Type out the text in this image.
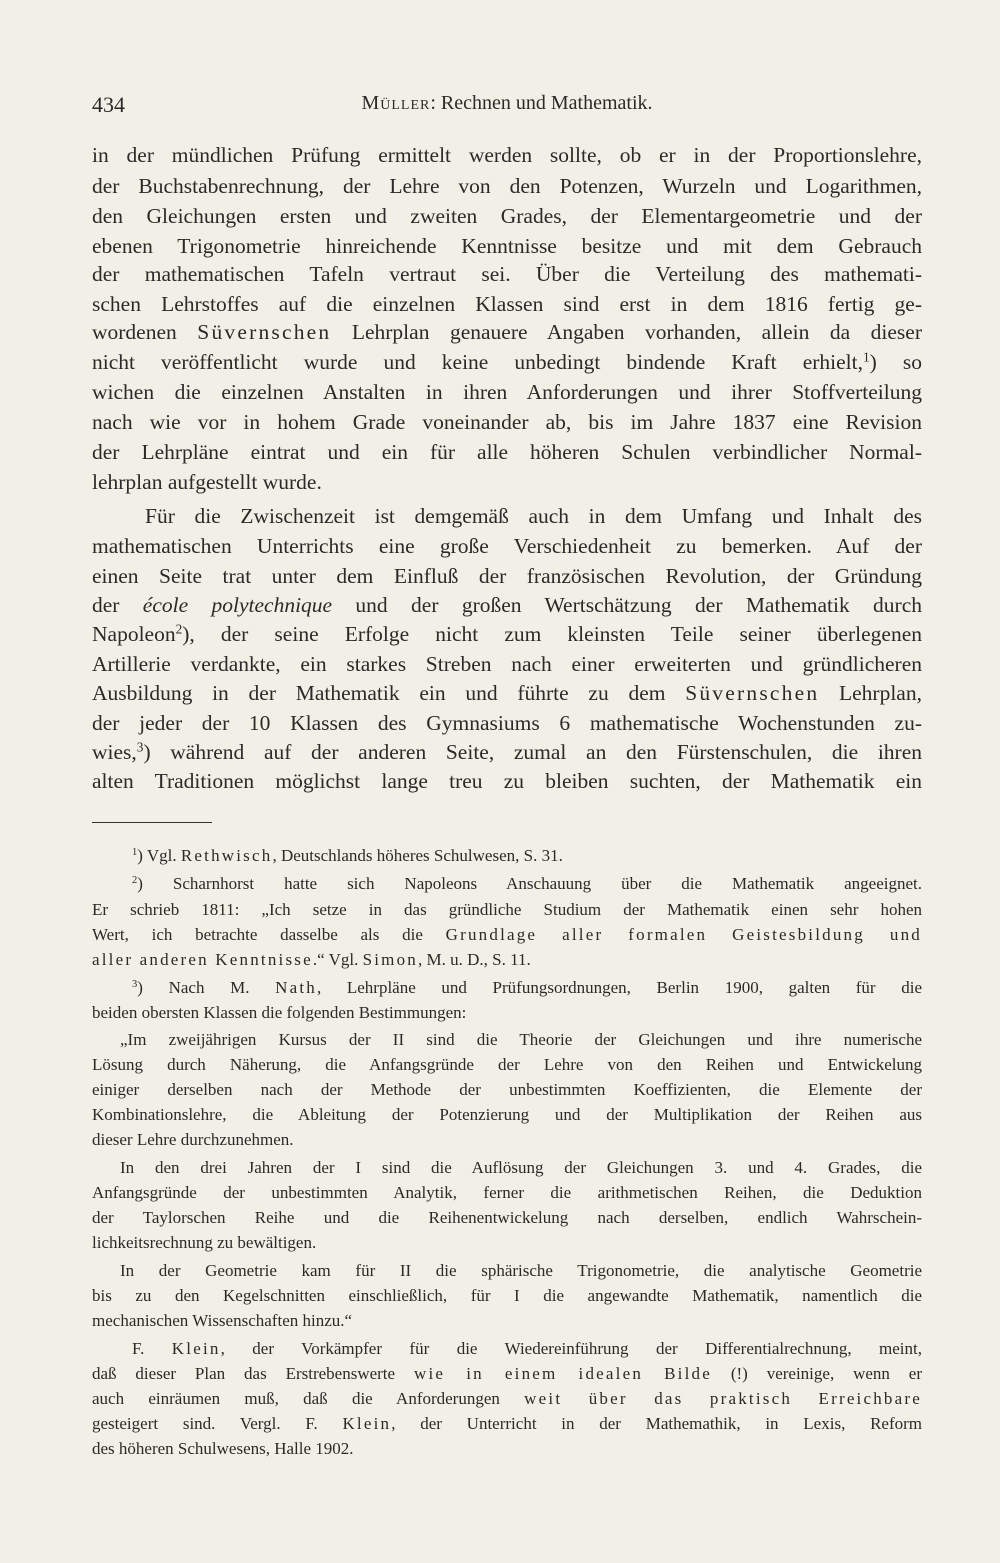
434	Müller: Rechnen und Mathematik.

in der mündlichen Prüfung ermittelt werden sollte, ob er in der Proportionslehre,

der Buchstabenrechnung, der Lehre von den Potenzen, Wurzeln und Logarithmen,

den Gleichungen ersten und zweiten Grades, der Elementargeometrie und der

ebenen Trigonometrie hinreichende Kenntnisse besitze und mit dem Gebrauch

der mathematischen Tafeln vertraut sei. Über die Verteilung des mathemati-

schen Lehrstoffes auf die einzelnen Klassen sind erst in dem 1816 fertig ge-

wordenen Süvernschen Lehrplan genauere Angaben vorhanden, allein da dieser

nicht veröffentlicht wurde und keine unbedingt bindende Kraft erhielt,$^1$) so

wichen die einzelnen Anstalten in ihren Anforderungen und ihrer Stoffverteilung

nach wie vor in hohem Grade voneinander ab, bis im Jahre 1837 eine Revision

der Lehrpläne eintrat und ein für alle höheren Schulen verbindlicher Normal-

lehrplan aufgestellt wurde.

Für die Zwischenzeit ist demgemäß auch in dem Umfang und Inhalt des

mathematischen Unterrichts eine große Verschiedenheit zu bemerken. Auf der

einen Seite trat unter dem Einfluß der französischen Revolution, der Gründung

der école polytechnique und der großen Wertschätzung der Mathematik durch

Napoleon$^2$), der seine Erfolge nicht zum kleinsten Teile seiner überlegenen

Artillerie verdankte, ein starkes Streben nach einer erweiterten und gründlicheren

Ausbildung in der Mathematik ein und führte zu dem Süvernschen Lehrplan,

der jeder der 10 Klassen des Gymnasiums 6 mathematische Wochenstunden zu-

wies,$^3$) während auf der anderen Seite, zumal an den Fürstenschulen, die ihren

alten Traditionen möglichst lange treu zu bleiben suchten, der Mathematik ein

$^1$) Vgl. Rethwisch, Deutschlands höheres Schulwesen, S. 31.

$^2$) Scharnhorst hatte sich Napoleons Anschauung über die Mathematik angeeignet.

Er schrieb 1811: „Ich setze in das gründliche Studium der Mathematik einen sehr hohen

Wert, ich betrachte dasselbe als die Grundlage aller formalen Geistesbildung und

aller anderen Kenntnisse.“ Vgl. Simon, M. u. D., S. 11.

$^3$) Nach M. Nath, Lehrpläne und Prüfungsordnungen, Berlin 1900, galten für die

beiden obersten Klassen die folgenden Bestimmungen:

„Im zweijährigen Kursus der II sind die Theorie der Gleichungen und ihre numerische

Lösung durch Näherung, die Anfangsgründe der Lehre von den Reihen und Entwickelung

einiger derselben nach der Methode der unbestimmten Koeffizienten, die Elemente der

Kombinationslehre, die Ableitung der Potenzierung und der Multiplikation der Reihen aus

dieser Lehre durchzunehmen.

In den drei Jahren der I sind die Auflösung der Gleichungen 3. und 4. Grades, die

Anfangsgründe der unbestimmten Analytik, ferner die arithmetischen Reihen, die Deduktion

der Taylorschen Reihe und die Reihenentwickelung nach derselben, endlich Wahrschein-

lichkeitsrechnung zu bewältigen.

In der Geometrie kam für II die sphärische Trigonometrie, die analytische Geometrie

bis zu den Kegelschnitten einschließlich, für I die angewandte Mathematik, namentlich die

mechanischen Wissenschaften hinzu.“

F. Klein, der Vorkämpfer für die Wiedereinführung der Differentialrechnung, meint,

daß dieser Plan das Erstrebenswerte wie in einem idealen Bilde (!) vereinige, wenn er

auch einräumen muß, daß die Anforderungen weit über das praktisch Erreichbare

gesteigert sind. Vergl. F. Klein, der Unterricht in der Mathemathik, in Lexis, Reform

des höheren Schulwesens, Halle 1902.
